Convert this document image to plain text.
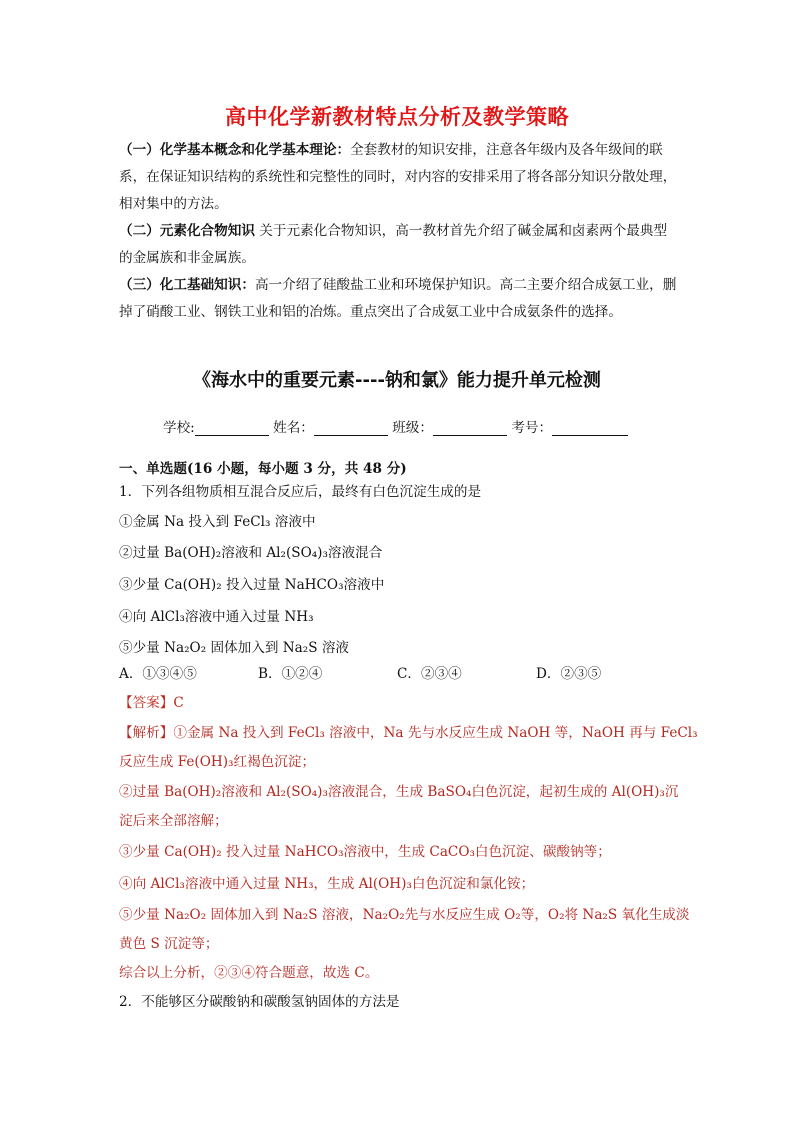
高中化学新教材特点分析及教学策略

（一）化学基本概念和化学基本理论：全套教材的知识安排，注意各年级内及各年级间的联系，在保证知识结构的系统性和完整性的同时，对内容的安排采用了将各部分知识分散处理，相对集中的方法。

（二）元素化合物知识 关于元素化合物知识，高一教材首先介绍了碱金属和卤素两个最典型的金属族和非金属族。

（三）化工基础知识：高一介绍了硅酸盐工业和环境保护知识。高二主要介绍合成氨工业，删掉了硝酸工业、钢铁工业和铝的冶炼。重点突出了合成氨工业中合成氨条件的选择。

《海水中的重要元素----钠和氯》能力提升单元检测
学校:	姓名：	班级：	考号：
一、单选题(16 小题，每小题 3 分，共 48 分)
1．下列各组物质相互混合反应后，最终有白色沉淀生成的是
①金属 Na 投入到 FeCl₃ 溶液中
②过量 Ba(OH)₂溶液和 Al₂(SO₄)₃溶液混合
③少量 Ca(OH)₂ 投入过量 NaHCO₃溶液中
④向 AlCl₃溶液中通入过量 NH₃
⑤少量 Na₂O₂ 固体加入到 Na₂S 溶液
A．①③④⑤	B．①②④	C．②③④	D．②③⑤
【答案】C
【解析】①金属 Na 投入到 FeCl₃ 溶液中，Na 先与水反应生成 NaOH 等，NaOH 再与 FeCl₃
反应生成 Fe(OH)₃红褐色沉淀；
②过量 Ba(OH)₂溶液和 Al₂(SO₄)₃溶液混合，生成 BaSO₄白色沉淀，起初生成的 Al(OH)₃沉
淀后来全部溶解；
③少量 Ca(OH)₂ 投入过量 NaHCO₃溶液中，生成 CaCO₃白色沉淀、碳酸钠等；
④向 AlCl₃溶液中通入过量 NH₃，生成 Al(OH)₃白色沉淀和氯化铵；
⑤少量 Na₂O₂ 固体加入到 Na₂S 溶液，Na₂O₂先与水反应生成 O₂等，O₂将 Na₂S 氧化生成淡
黄色 S 沉淀等；
综合以上分析，②③④符合题意，故选 C。
2．不能够区分碳酸钠和碳酸氢钠固体的方法是
